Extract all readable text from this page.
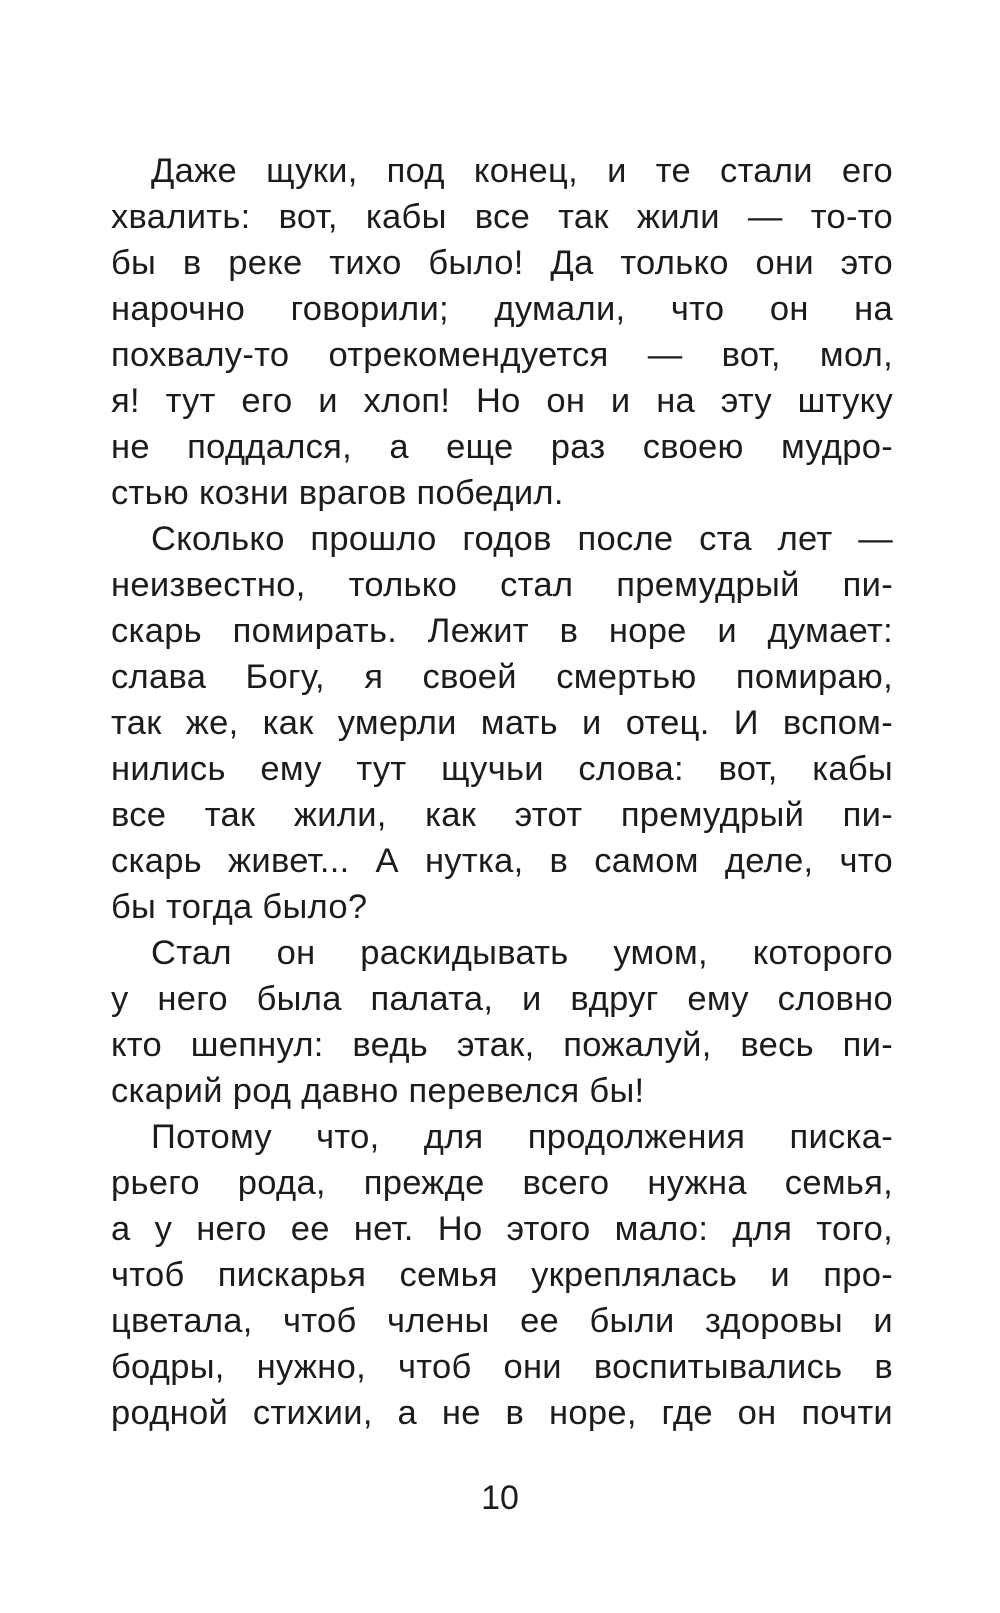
Даже щуки, под конец, и те стали его
хвалить: вот, кабы все так жили — то-то
бы в реке тихо было! Да только они это
нарочно говорили; думали, что он на
похвалу-то отрекомендуется — вот, мол,
я! тут его и хлоп! Но он и на эту штуку
не поддался, а еще раз своею мудро-
стью козни врагов победил.
Сколько прошло годов после ста лет —
неизвестно, только стал премудрый пи-
скарь помирать. Лежит в норе и думает:
слава Богу, я своей смертью помираю,
так же, как умерли мать и отец. И вспом-
нились ему тут щучьи слова: вот, кабы
все так жили, как этот премудрый пи-
скарь живет... А нутка, в самом деле, что
бы тогда было?
Стал он раскидывать умом, которого
у него была палата, и вдруг ему словно
кто шепнул: ведь этак, пожалуй, весь пи-
скарий род давно перевелся бы!
Потому что, для продолжения писка-
рьего рода, прежде всего нужна семья,
а у него ее нет. Но этого мало: для того,
чтоб пискарья семья укреплялась и про-
цветала, чтоб члены ее были здоровы и
бодры, нужно, чтоб они воспитывались в
родной стихии, а не в норе, где он почти
10
